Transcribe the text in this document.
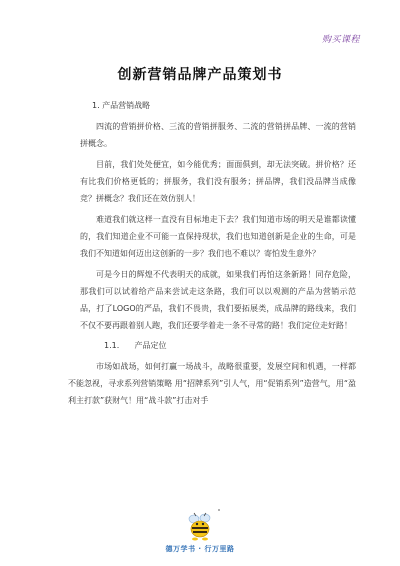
购买课程
创新营销品牌产品策划书
1. 产品营销战略

四流的营销拼价格、三流的营销拼服务、二流的营销拼品牌、一流的营销拼概念。

目前，我们处处便宜，如今能优秀；面面俱到，却无法突破。拼价格？还有比我们价格更低的；拼服务，我们没有服务；拼品牌，我们没品牌当成像竞？拼概念？我们还在效仿别人！

难道我们就这样一直没有目标地走下去？我们知道市场的明天是谁都读懂的，我们知道企业不可能一直保持现状，我们也知道创新是企业的生命，可是我们不知道如何迈出这创新的一步？我们也不难以？寄怕发生意外？

可是今日的辉煌不代表明天的成就，如果我们再怕这条新路！同存危险，那我们可以试着给产品来尝试走这条路，我们可以以观测的产品为营销示范品，打了LOGO的严品，我们不畏贵，我们要拓展类，成品牌的路线来，我们不仅不要再跟着别人跑，我们还要学着走一条不寻常的路！我们定位走好路！

1.1. 产品定位

市场如战场，如何打赢一场战斗，战略很重要，发展空间和机遇，一样都不能忽视，寻求系列营销策略 用“招牌系列”引人气，用“促销系列”造营气，用“盈利主打款”获财气！用“战斗款”打击对手

德万学书 · 行万里路
